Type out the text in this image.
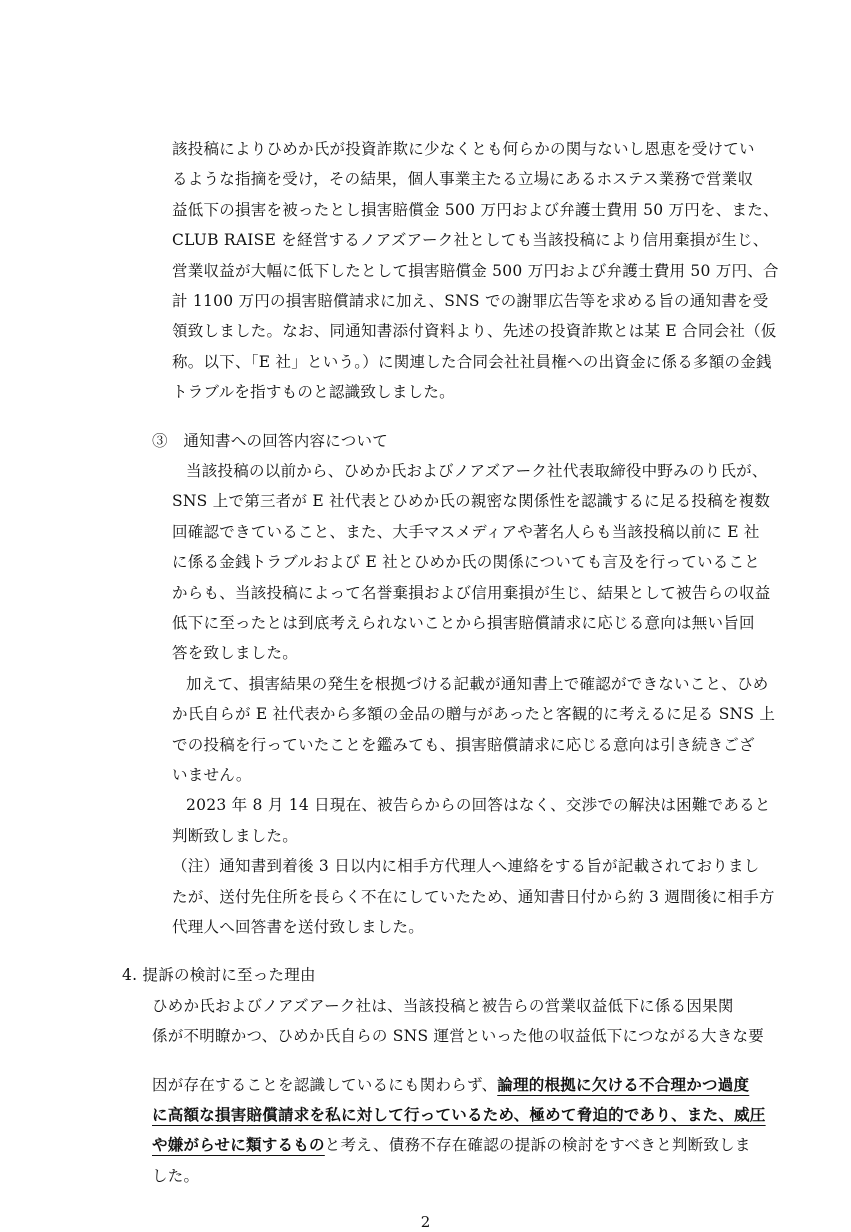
該投稿によりひめか氏が投資詐欺に少なくとも何らかの関与ないし恩恵を受けてい
るような指摘を受け，その結果，個人事業主たる立場にあるホステス業務で営業収
益低下の損害を被ったとし損害賠償金 500 万円および弁護士費用 50 万円を、また、
CLUB RAISE を経営するノアズアーク社としても当該投稿により信用棄損が生じ、
営業収益が大幅に低下したとして損害賠償金 500 万円および弁護士費用 50 万円、合
計 1100 万円の損害賠償請求に加え、SNS での謝罪広告等を求める旨の通知書を受
領致しました。なお、同通知書添付資料より、先述の投資詐欺とは某 E 合同会社（仮
称。以下、「E 社」という。）に関連した合同会社社員権への出資金に係る多額の金銭
トラブルを指すものと認識致しました。
③　通知書への回答内容について
当該投稿の以前から、ひめか氏およびノアズアーク社代表取締役中野みのり氏が、
SNS 上で第三者が E 社代表とひめか氏の親密な関係性を認識するに足る投稿を複数
回確認できていること、また、大手マスメディアや著名人らも当該投稿以前に E 社
に係る金銭トラブルおよび E 社とひめか氏の関係についても言及を行っていること
からも、当該投稿によって名誉棄損および信用棄損が生じ、結果として被告らの収益
低下に至ったとは到底考えられないことから損害賠償請求に応じる意向は無い旨回
答を致しました。
加えて、損害結果の発生を根拠づける記載が通知書上で確認ができないこと、ひめ
か氏自らが E 社代表から多額の金品の贈与があったと客観的に考えるに足る SNS 上
での投稿を行っていたことを鑑みても、損害賠償請求に応じる意向は引き続きござ
いません。
2023 年 8 月 14 日現在、被告らからの回答はなく、交渉での解決は困難であると
判断致しました。
（注）通知書到着後 3 日以内に相手方代理人へ連絡をする旨が記載されておりまし
たが、送付先住所を長らく不在にしていたため、通知書日付から約 3 週間後に相手方
代理人へ回答書を送付致しました。
4. 提訴の検討に至った理由
ひめか氏およびノアズアーク社は、当該投稿と被告らの営業収益低下に係る因果関
係が不明瞭かつ、ひめか氏自らの SNS 運営といった他の収益低下につながる大きな要
因が存在することを認識しているにも関わらず、論理的根拠に欠ける不合理かつ過度
に高額な損害賠償請求を私に対して行っているため、極めて脅迫的であり、また、威圧
や嫌がらせに類するものと考え、債務不存在確認の提訴の検討をすべきと判断致しま
した。
2
